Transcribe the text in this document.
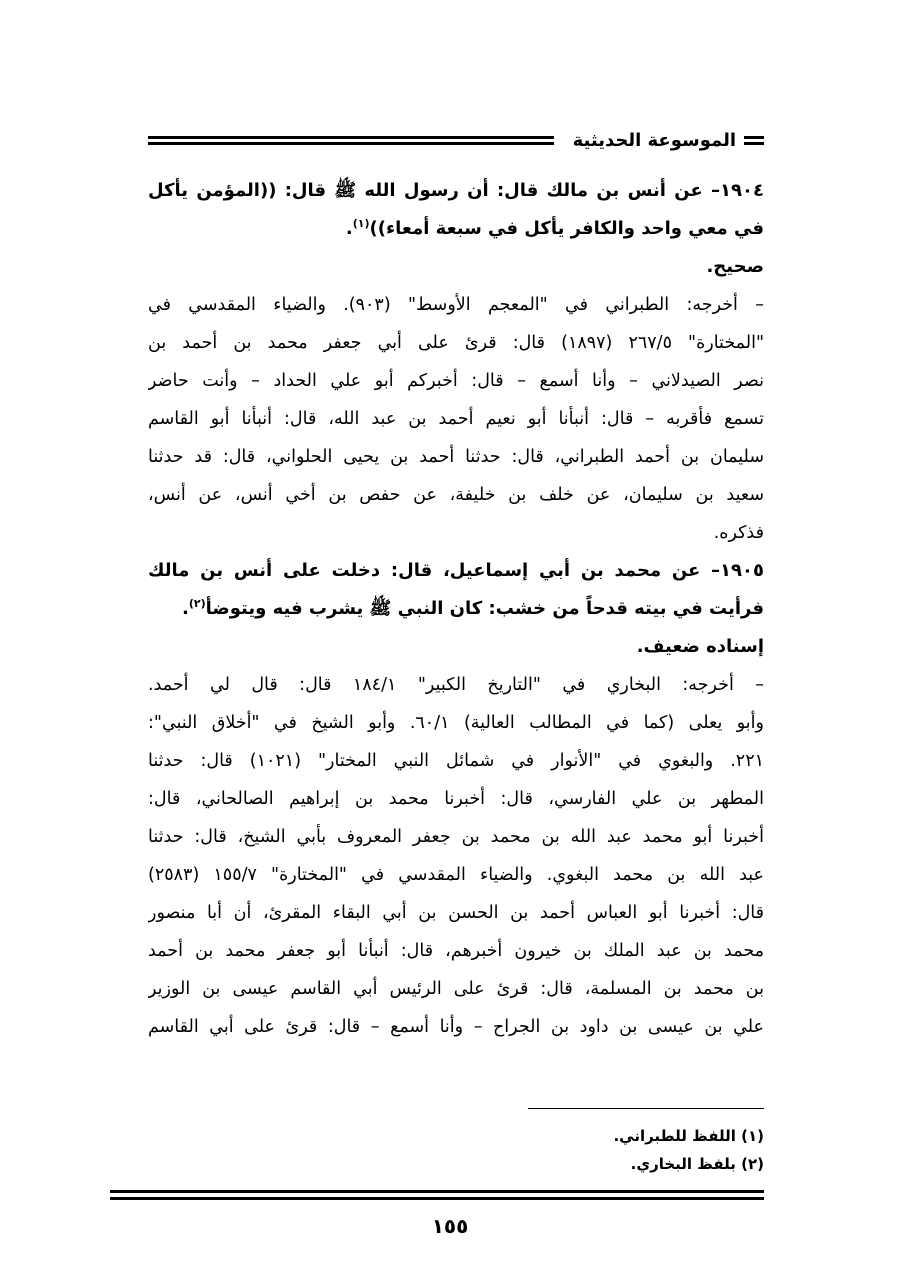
الموسوعة الحديثية
١٩٠٤– عن أنس بن مالك قال: أن رسول الله ﷺ قال: ((المؤمن يأكل
في معي واحد والكافر يأكل في سبعة أمعاء))$^{(١)}$.
صحيح.
– أخرجه: الطبراني في "المعجم الأوسط" (٩٠٣). والضياء المقدسي في
"المختارة" ٢٦٧/٥ (١٨٩٧) قال: قرئ على أبي جعفر محمد بن أحمد بن
نصر الصيدلاني – وأنا أسمع – قال: أخبركم أبو علي الحداد – وأنت حاضر
تسمع فأقربه – قال: أنبأنا أبو نعيم أحمد بن عبد الله، قال: أنبأنا أبو القاسم
سليمان بن أحمد الطبراني، قال: حدثنا أحمد بن يحيى الحلواني، قال: قد حدثنا
سعيد بن سليمان، عن خلف بن خليفة، عن حفص بن أخي أنس، عن أنس،
فذكره.
١٩٠٥– عن محمد بن أبي إسماعيل، قال: دخلت على أنس بن مالك
فرأيت في بيته قدحاً من خشب: كان النبي ﷺ يشرب فيه ويتوضأ$^{(٢)}$.
إسناده ضعيف.
– أخرجه: البخاري في "التاريخ الكبير" ١٨٤/١ قال: قال لي أحمد.
وأبو يعلى (كما في المطالب العالية) ٦٠/١. وأبو الشيخ في "أخلاق النبي":
٢٢١. والبغوي في "الأنوار في شمائل النبي المختار" (١٠٢١) قال: حدثنا
المطهر بن علي الفارسي، قال: أخبرنا محمد بن إبراهيم الصالحاني، قال:
أخبرنا أبو محمد عبد الله بن محمد بن جعفر المعروف بأبي الشيخ، قال: حدثنا
عبد الله بن محمد البغوي. والضياء المقدسي في "المختارة" ١٥٥/٧ (٢٥٨٣)
قال: أخبرنا أبو العباس أحمد بن الحسن بن أبي البقاء المقرئ، أن أبا منصور
محمد بن عبد الملك بن خيرون أخبرهم، قال: أنبأنا أبو جعفر محمد بن أحمد
بن محمد بن المسلمة، قال: قرئ على الرئيس أبي القاسم عيسى بن الوزير
علي بن عيسى بن داود بن الجراح – وأنا أسمع – قال: قرئ على أبي القاسم
(١) اللفظ للطبراني.
(٢) بلفظ البخاري.
١٥٥
